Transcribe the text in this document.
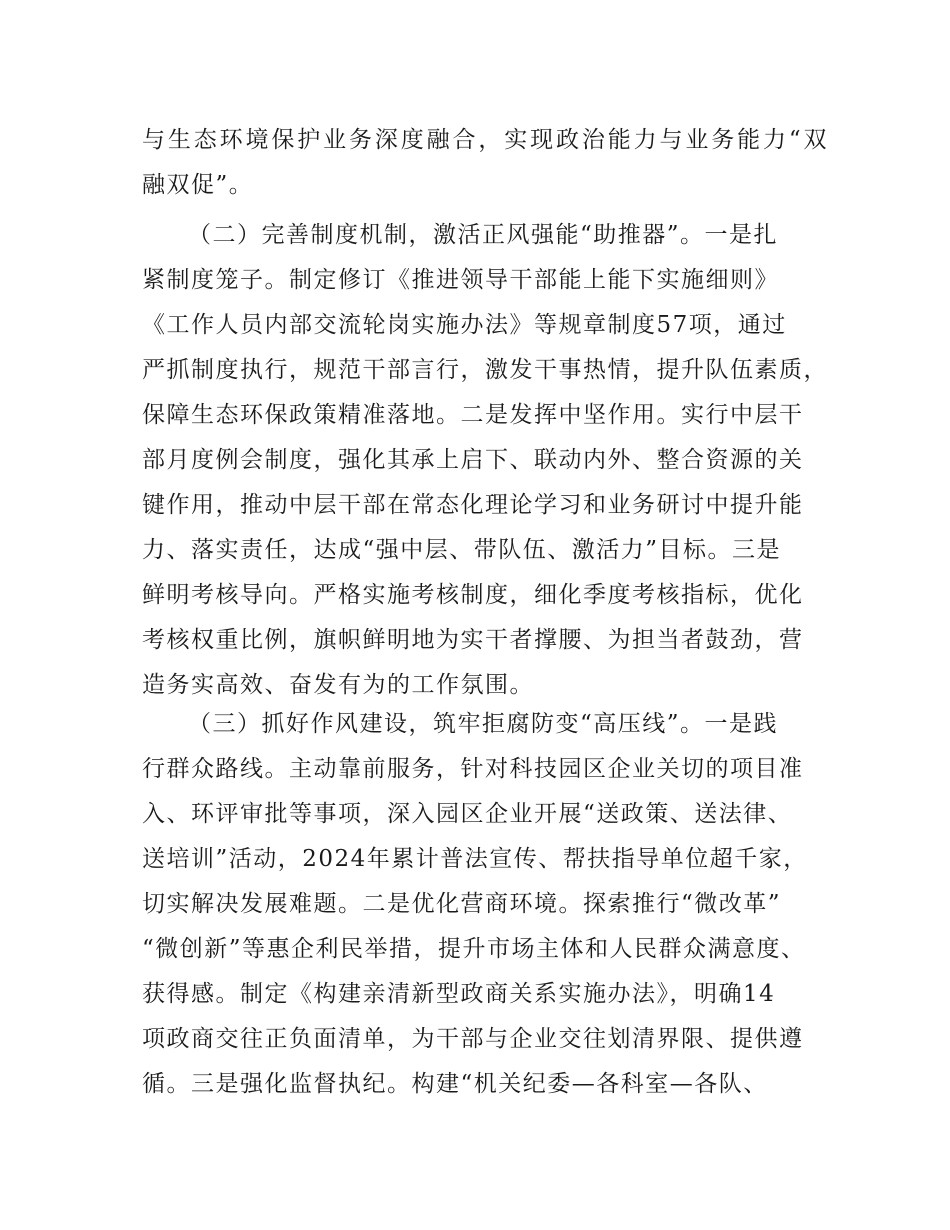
与生态环境保护业务深度融合，实现政治能力与业务能力“双
融双促”。
（二）完善制度机制，激活正风强能“助推器”。一是扎
紧制度笼子。制定修订《推进领导干部能上能下实施细则》
《工作人员内部交流轮岗实施办法》等规章制度57项，通过
严抓制度执行，规范干部言行，激发干事热情，提升队伍素质，
保障生态环保政策精准落地。二是发挥中坚作用。实行中层干
部月度例会制度，强化其承上启下、联动内外、整合资源的关
键作用，推动中层干部在常态化理论学习和业务研讨中提升能
力、落实责任，达成“强中层、带队伍、激活力”目标。三是
鲜明考核导向。严格实施考核制度，细化季度考核指标，优化
考核权重比例，旗帜鲜明地为实干者撑腰、为担当者鼓劲，营
造务实高效、奋发有为的工作氛围。
（三）抓好作风建设，筑牢拒腐防变“高压线”。一是践
行群众路线。主动靠前服务，针对科技园区企业关切的项目准
入、环评审批等事项，深入园区企业开展“送政策、送法律、
送培训”活动，2024年累计普法宣传、帮扶指导单位超千家，
切实解决发展难题。二是优化营商环境。探索推行“微改革”
“微创新”等惠企利民举措，提升市场主体和人民群众满意度、
获得感。制定《构建亲清新型政商关系实施办法》，明确14
项政商交往正负面清单，为干部与企业交往划清界限、提供遵
循。三是强化监督执纪。构建“机关纪委—各科室—各队、
